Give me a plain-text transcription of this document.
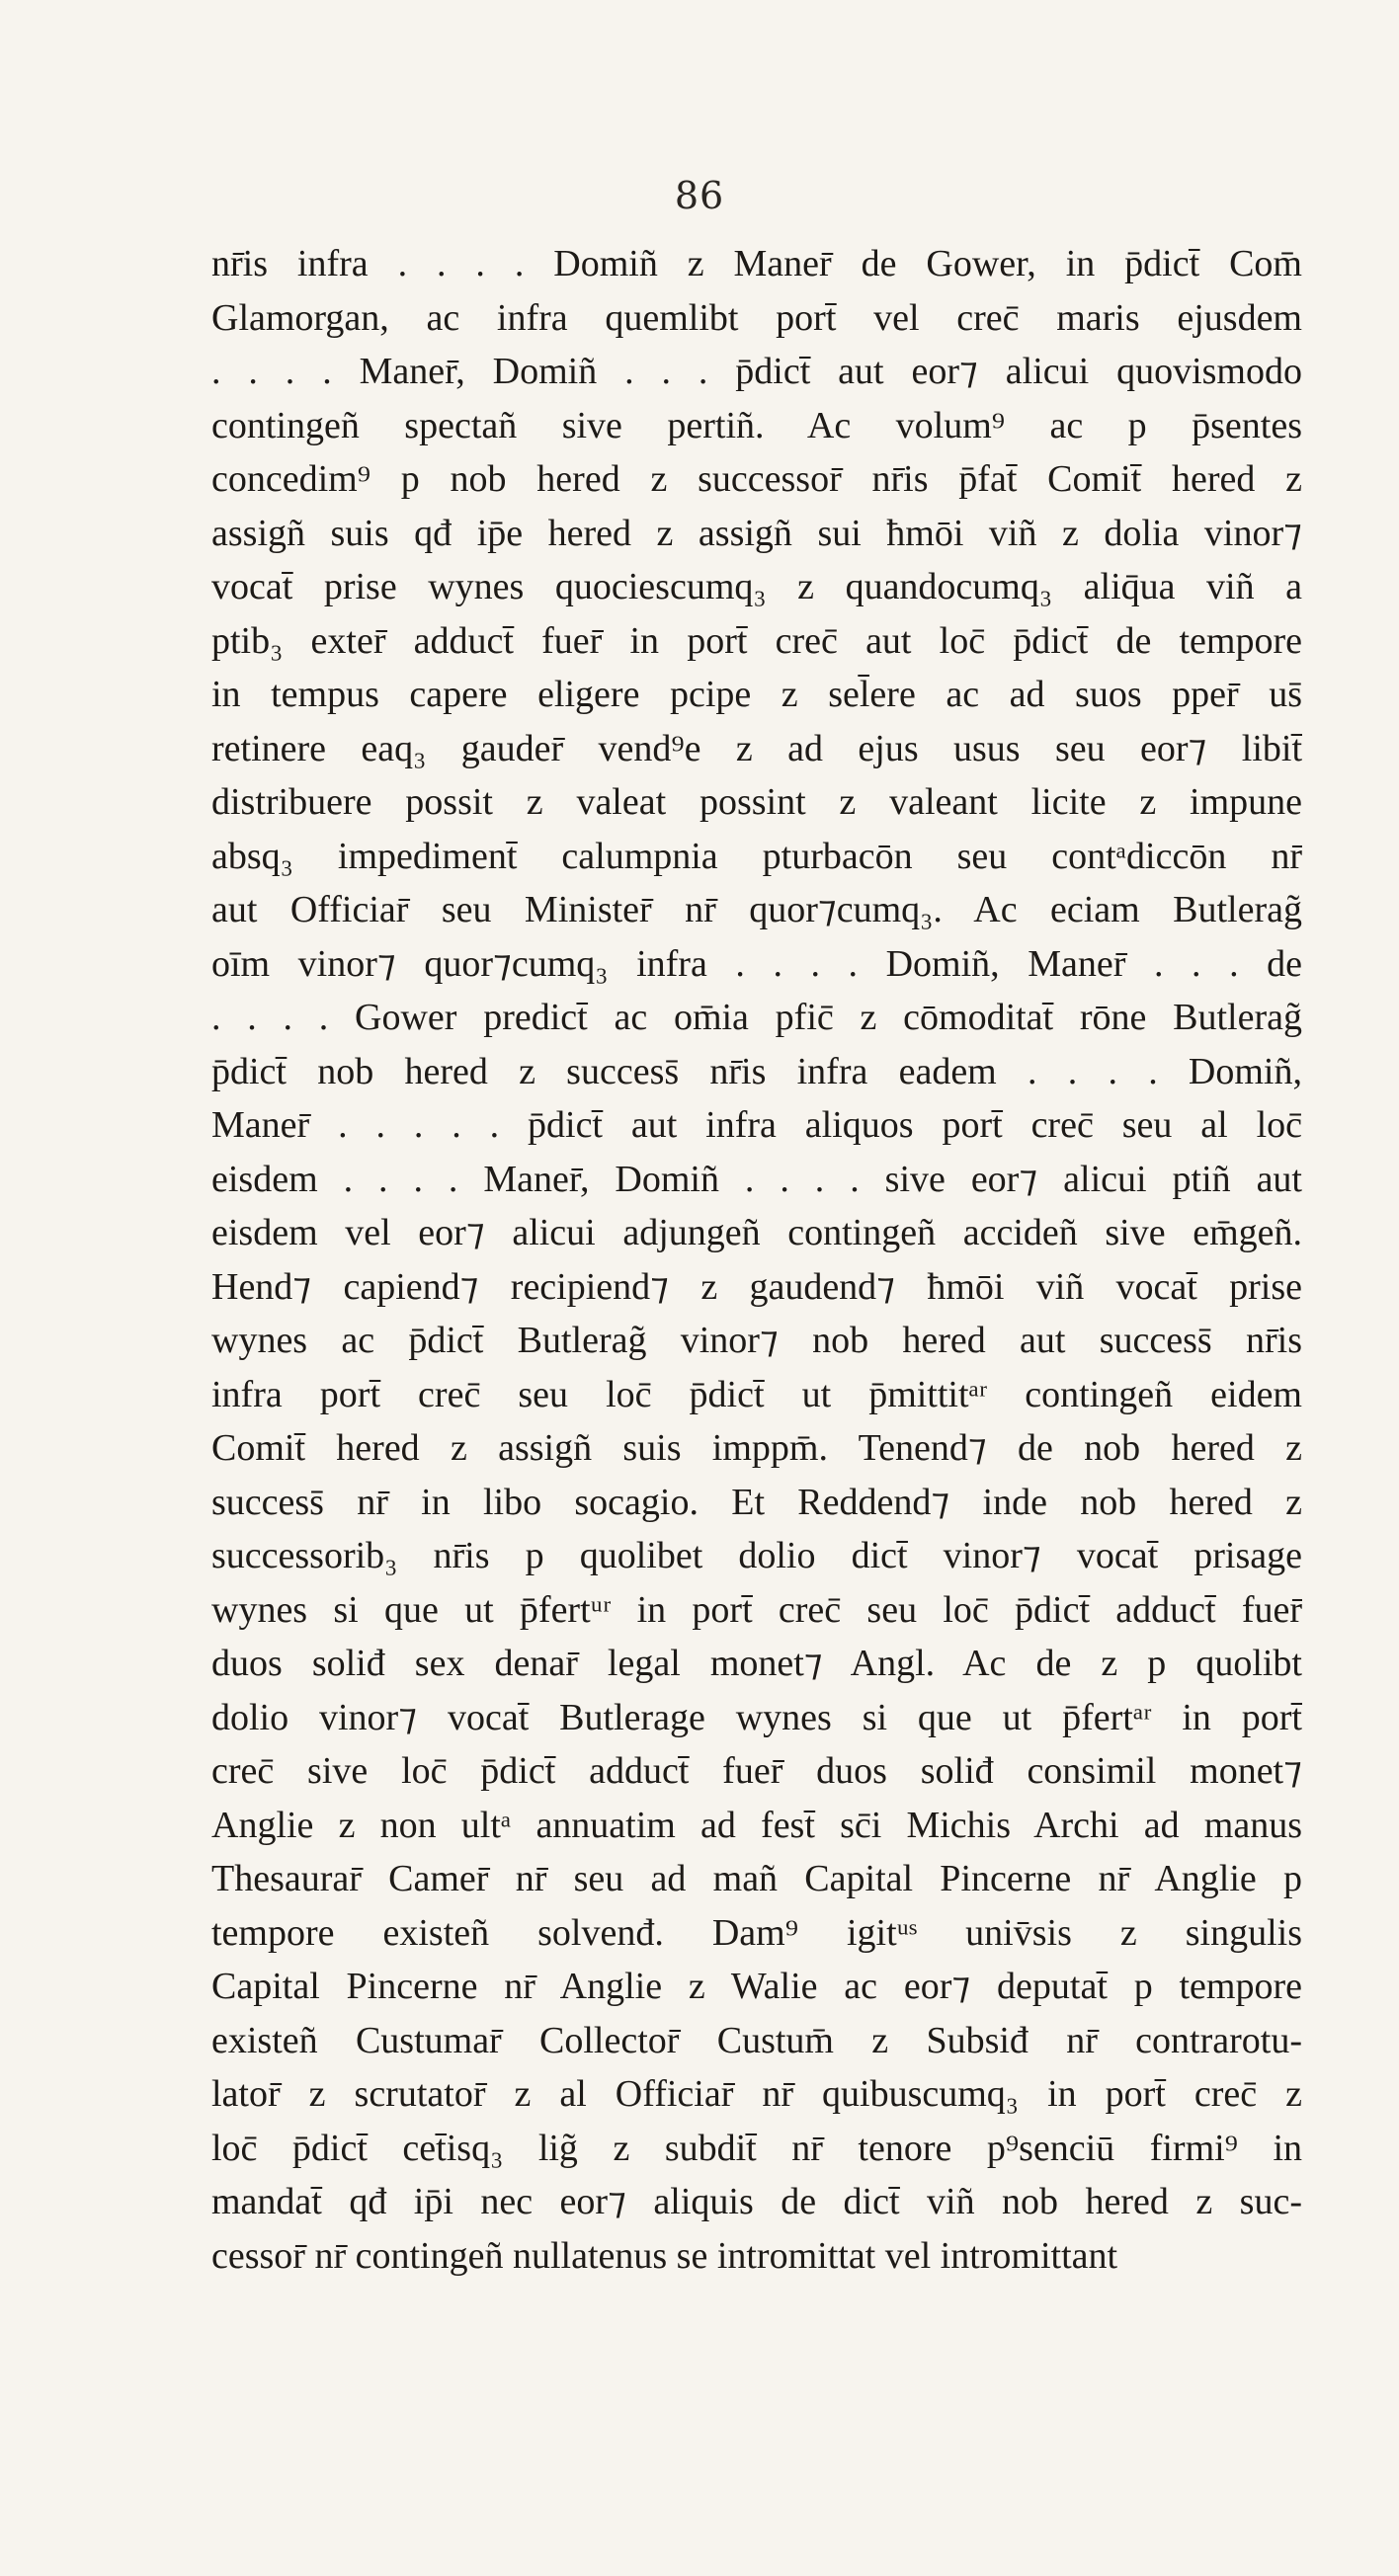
86
nr̄is infra . . . . Domiñ z Maner̄ de Gower, in p̄dict̄ Com̄
Glamorgan, ac infra quemlibt port̄ vel crec̄ maris ejusdem
. . . . Maner̄, Domiñ . . . p̄dict̄ aut eor⁊ alicui quovismodo
contingeñ spectañ sive pertiñ. Ac volum⁹ ac p p̄sentes
concedim⁹ p nob hered z successor̄ nr̄is p̄fat̄ Comit̄ hered z
assigñ suis qđ ip̄e hered z assigñ sui ħmōi viñ z dolia vinor⁊
vocat̄ prise wynes quociescumq₃ z quandocumq₃ aliq̄ua viñ a
ptib₃ exter̄ adduct̄ fuer̄ in port̄ crec̄ aut loc̄ p̄dict̄ de tempore
in tempus capere eligere pcipe z sel̄ere ac ad suos pper̄ us̄
retinere eaq₃ gauder̄ vend⁹e z ad ejus usus seu eor⁊ libit̄
distribuere possit z valeat possint z valeant licite z impune
absq₃ impediment̄ calumpnia pturbacōn seu contᵃdiccōn nr̄
aut Officiar̄ seu Minister̄ nr̄ quor⁊cumq₃. Ac eciam Butlerag̃
oīm vinor⁊ quor⁊cumq₃ infra . . . . Domiñ, Maner̄ . . . de
. . . . Gower predict̄ ac om̄ia pfic̄ z cōmoditat̄ rōne Butlerag̃
p̄dict̄ nob hered z success̄ nr̄is infra eadem . . . . Domiñ,
Maner̄ . . . . . p̄dict̄ aut infra aliquos port̄ crec̄ seu al loc̄
eisdem . . . . Maner̄, Domiñ . . . . sive eor⁊ alicui ptiñ aut
eisdem vel eor⁊ alicui adjungeñ contingeñ accideñ sive em̄geñ.
Hend⁊ capiend⁊ recipiend⁊ z gaudend⁊ ħmōi viñ vocat̄ prise
wynes ac p̄dict̄ Butlerag̃ vinor⁊ nob hered aut success̄ nr̄is
infra port̄ crec̄ seu loc̄ p̄dict̄ ut p̄mittitᵃʳ contingeñ eidem
Comit̄ hered z assigñ suis imppm̄. Tenend⁊ de nob hered z
success̄ nr̄ in libo socagio. Et Reddend⁊ inde nob hered z
successorib₃ nr̄is p quolibet dolio dict̄ vinor⁊ vocat̄ prisage
wynes si que ut p̄fertᵘʳ in port̄ crec̄ seu loc̄ p̄dict̄ adduct̄ fuer̄
duos soliđ sex denar̄ legal monet⁊ Angl. Ac de z p quolibt
dolio vinor⁊ vocat̄ Butlerage wynes si que ut p̄fertᵃʳ in port̄
crec̄ sive loc̄ p̄dict̄ adduct̄ fuer̄ duos soliđ consimil monet⁊
Anglie z non ultᵃ annuatim ad fest̄ sc̄i Michis Archi ad manus
Thesaurar̄ Camer̄ nr̄ seu ad mañ Capital Pincerne nr̄ Anglie p
tempore existeñ solvenđ. Dam⁹ igitᵘˢ univ̄sis z singulis
Capital Pincerne nr̄ Anglie z Walie ac eor⁊ deputat̄ p tempore
existeñ Custumar̄ Collector̄ Custum̄ z Subsiđ nr̄ contrarotu-
lator̄ z scrutator̄ z al Officiar̄ nr̄ quibuscumq₃ in port̄ crec̄ z
loc̄ p̄dict̄ cet̄isq₃ lig̃ z subdit̄ nr̄ tenore p⁹senciū firmi⁹ in
mandat̄ qđ ip̄i nec eor⁊ aliquis de dict̄ viñ nob hered z suc-
cessor̄ nr̄ contingeñ nullatenus se intromittat vel intromittant
